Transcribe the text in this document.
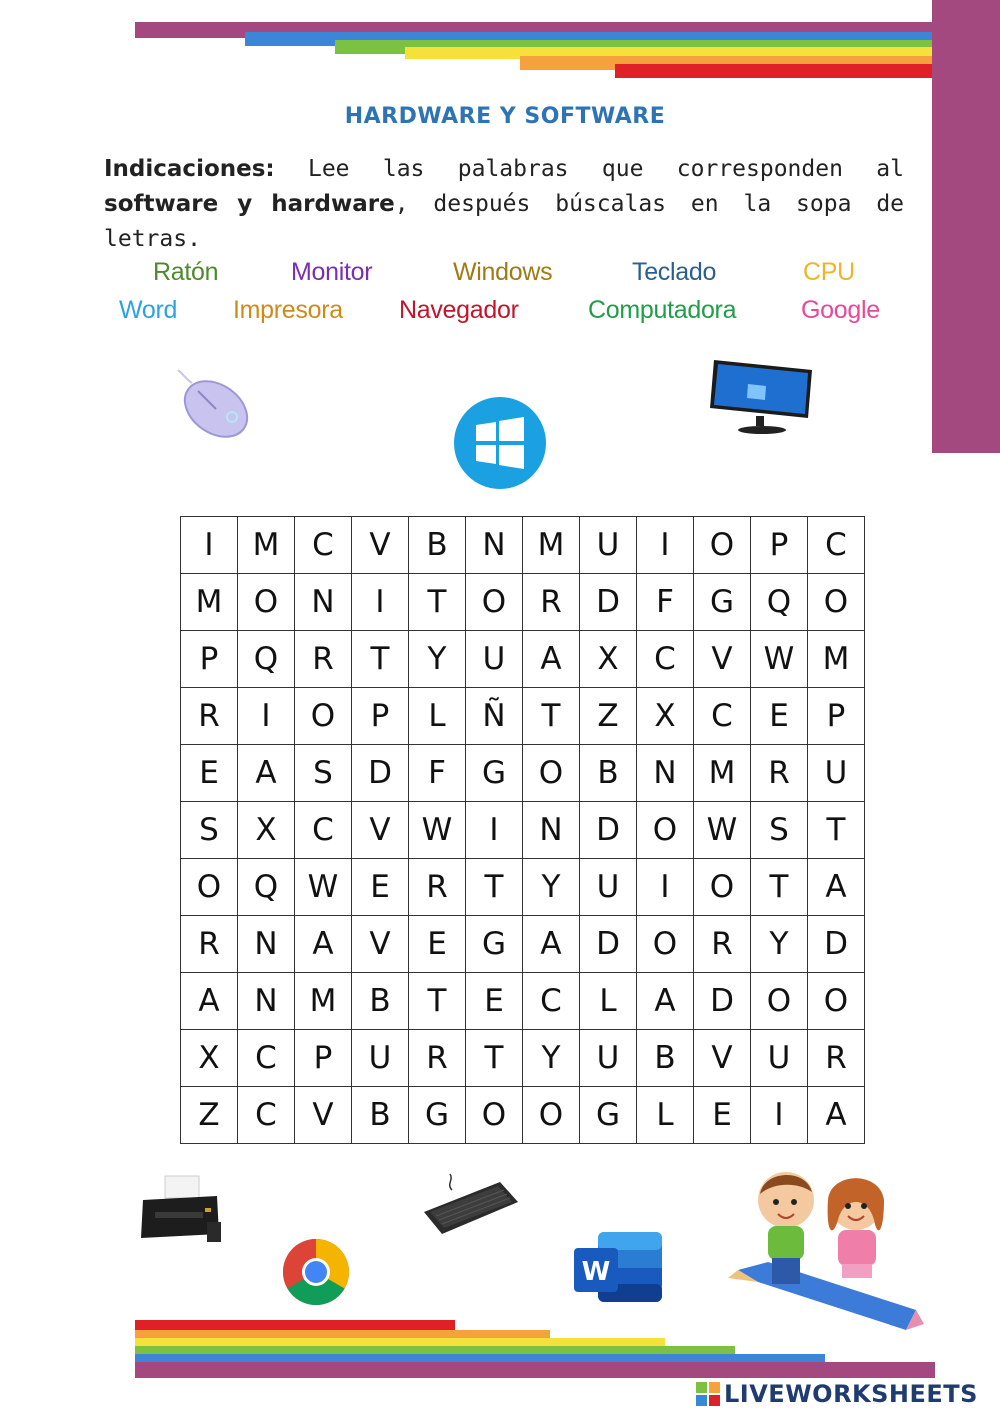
HARDWARE Y SOFTWARE
Indicaciones: Lee las palabras que corresponden al software y hardware, después búscalas en la sopa de letras.
Ratón	Monitor	Windows	Teclado	CPU
Word Impresora Navegador	Computadora	Google
I	M	C	V	B	N	M	U	I	O	P	C
M	O	N	I	T	O	R	D	F	G	Q	O
P	Q	R	T	Y	U	A	X	C	V	W	M
R	I	O	P	L	Ñ	T	Z	X	C	E	P
E	A	S	D	F	G	O	B	N	M	R	U
S	X	C	V	W	I	N	D	O	W	S	T
O	Q	W	E	R	T	Y	U	I	O	T	A
R	N	A	V	E	G	A	D	O	R	Y	D
A	N	M	B	T	E	C	L	A	D	O	O
X	C	P	U	R	T	Y	U	B	V	U	R
Z	C	V	B	G	O	O	G	L	E	I	A
W
LIVEWORKSHEETS
